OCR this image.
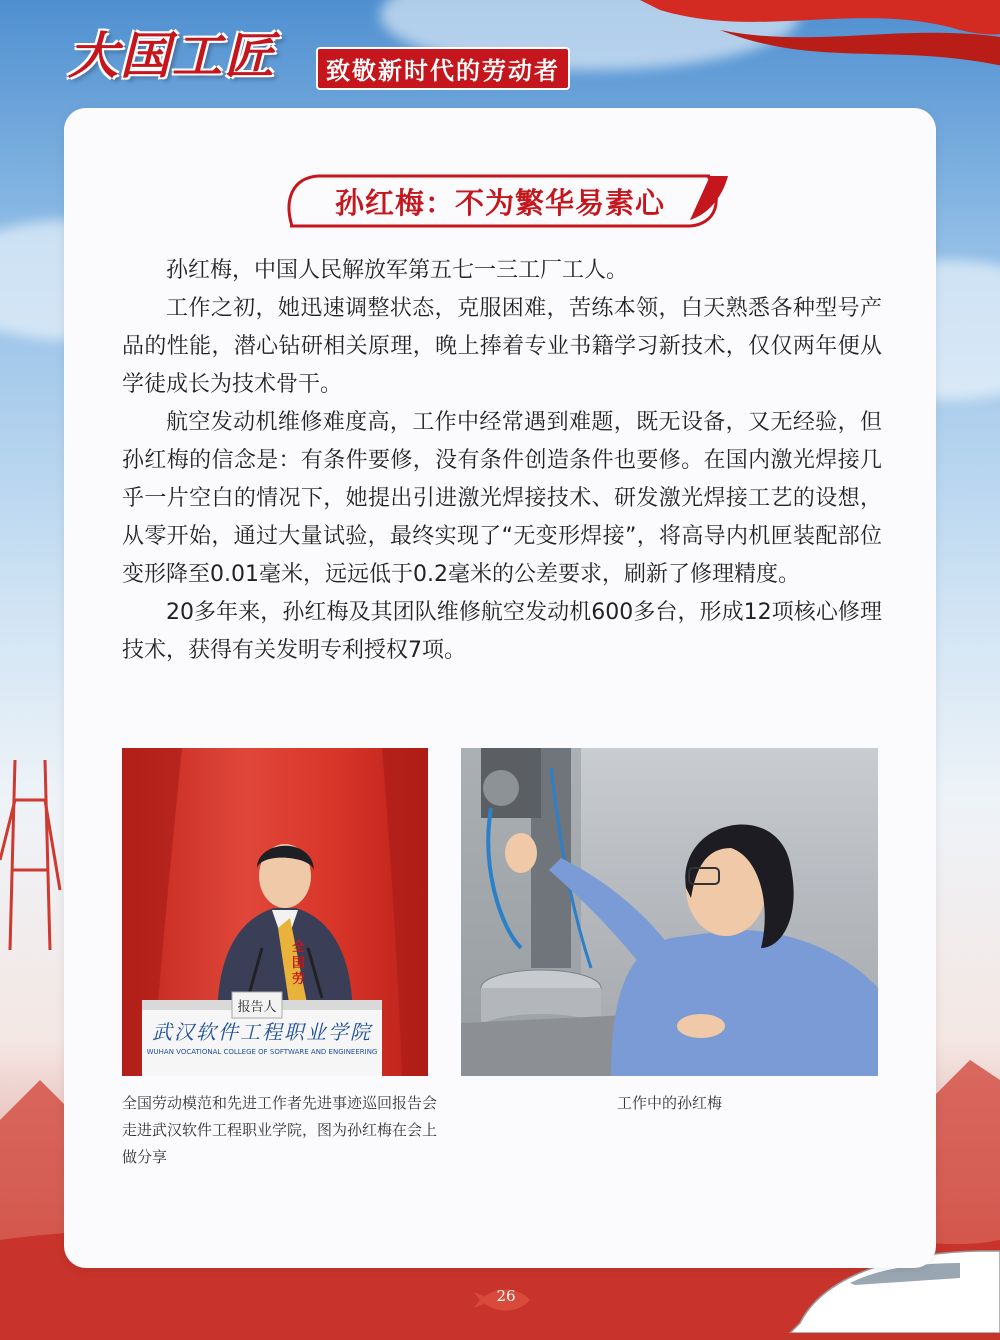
大国工匠	致敬新时代的劳动者
孙红梅：不为繁华易素心

孙红梅，中国人民解放军第五七一三工厂工人。

工作之初，她迅速调整状态，克服困难，苦练本领，白天熟悉各种型号产品的性能，潜心钻研相关原理，晚上捧着专业书籍学习新技术，仅仅两年便从学徒成长为技术骨干。

航空发动机维修难度高，工作中经常遇到难题，既无设备，又无经验，但孙红梅的信念是：有条件要修，没有条件创造条件也要修。在国内激光焊接几乎一片空白的情况下，她提出引进激光焊接技术、研发激光焊接工艺的设想，从零开始，通过大量试验，最终实现了“无变形焊接”，将高导内机匣装配部位变形降至0.01毫米，远远低于0.2毫米的公差要求，刷新了修理精度。

20多年来，孙红梅及其团队维修航空发动机600多台，形成12项核心修理技术，获得有关发明专利授权7项。

报告人
武汉软件工程职业学院
WUHAN VOCATIONAL COLLEGE OF SOFTWARE AND ENGINEERING
全国劳
全国劳动模范和先进工作者先进事迹巡回报告会走进武汉软件工程职业学院，图为孙红梅在会上做分享
工作中的孙红梅
26
